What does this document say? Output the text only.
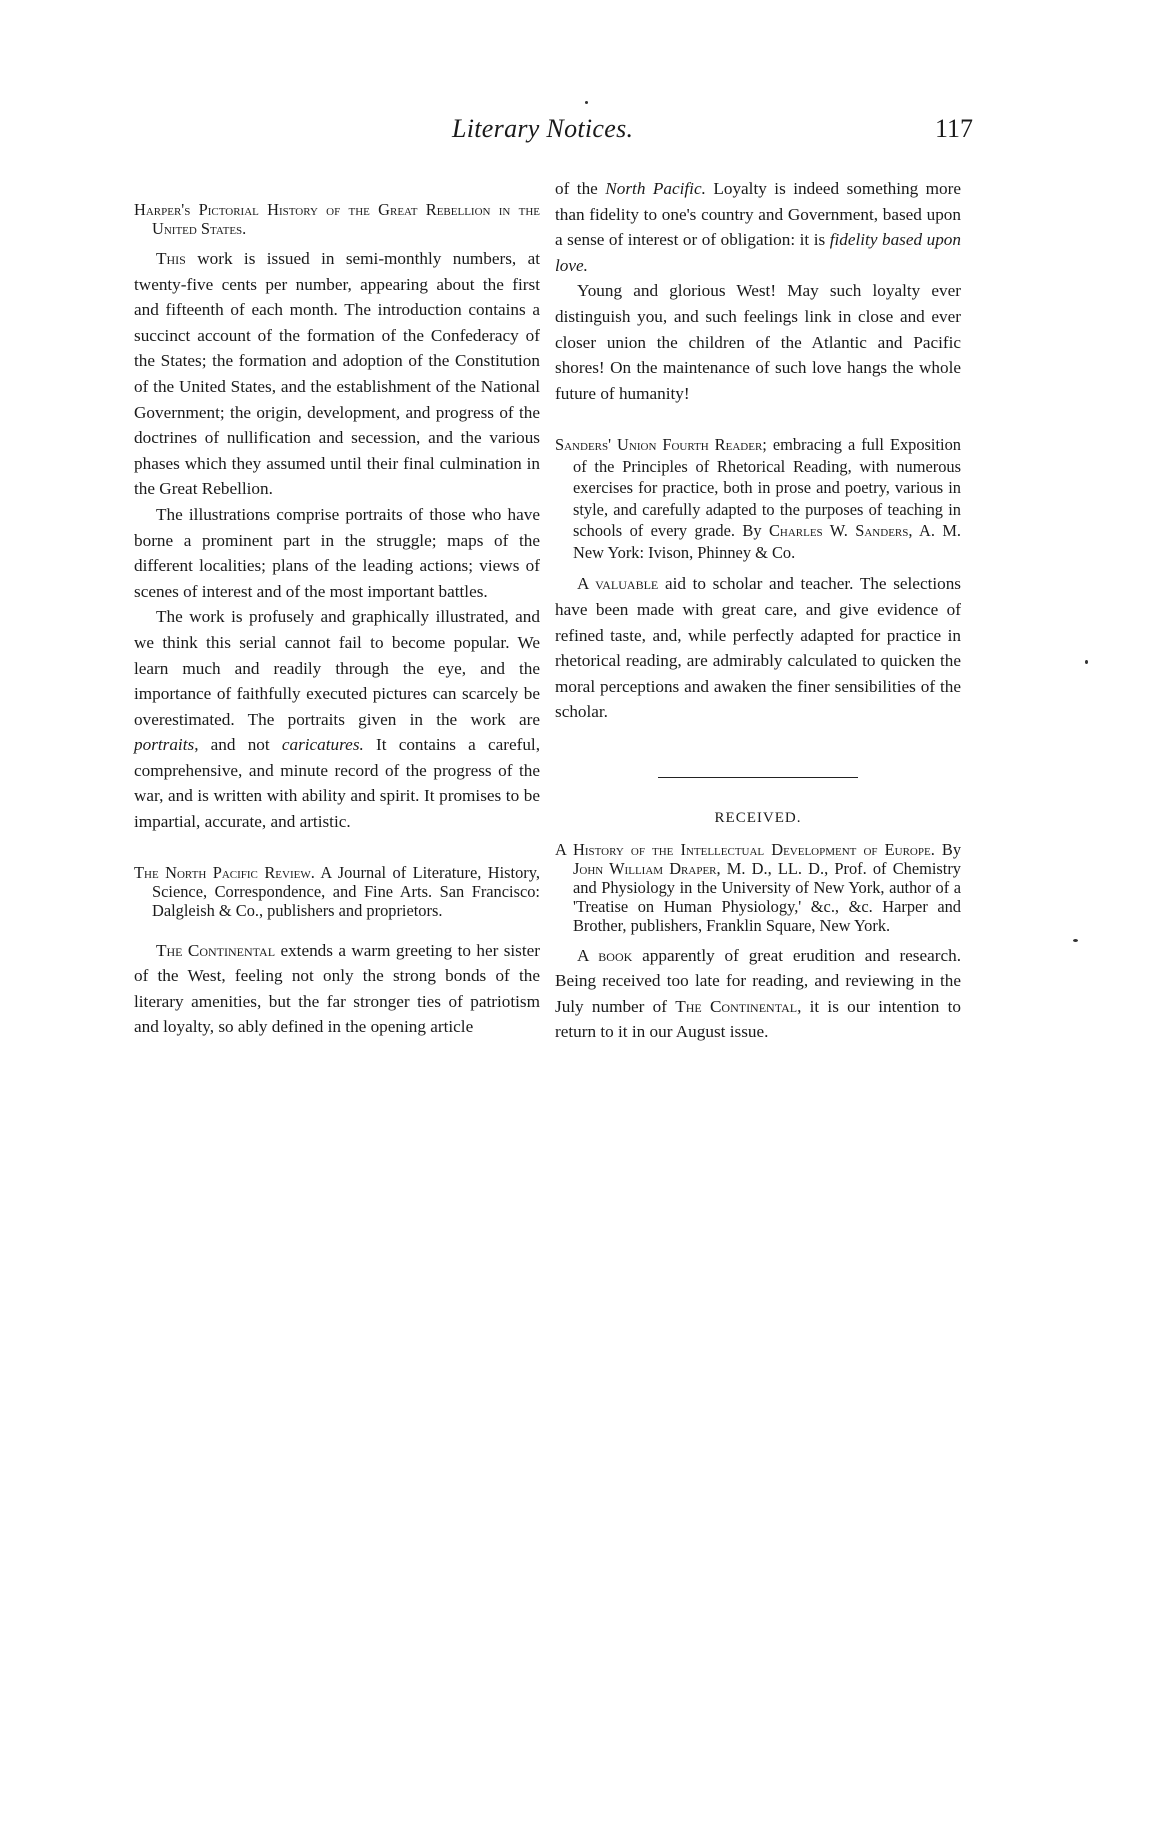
Literary Notices.	117

Harper's Pictorial History of the Great Rebellion in the United States.

This work is issued in semi-monthly numbers, at twenty-five cents per number, appearing about the first and fifteenth of each month. The introduction contains a succinct account of the formation of the Confederacy of the States; the formation and adoption of the Constitution of the United States, and the establishment of the National Government; the origin, development, and progress of the doctrines of nullification and secession, and the various phases which they assumed until their final culmination in the Great Rebellion.

The illustrations comprise portraits of those who have borne a prominent part in the struggle; maps of the different localities; plans of the leading actions; views of scenes of interest and of the most important battles.

The work is profusely and graphically illustrated, and we think this serial cannot fail to become popular. We learn much and readily through the eye, and the importance of faithfully executed pictures can scarcely be overestimated. The portraits given in the work are portraits, and not caricatures. It contains a careful, comprehensive, and minute record of the progress of the war, and is written with ability and spirit. It promises to be impartial, accurate, and artistic.

The North Pacific Review. A Journal of Literature, History, Science, Correspondence, and Fine Arts. San Francisco: Dalgleish & Co., publishers and proprietors.

The Continental extends a warm greeting to her sister of the West, feeling not only the strong bonds of the literary amenities, but the far stronger ties of patriotism and loyalty, so ably defined in the opening article

of the North Pacific. Loyalty is indeed something more than fidelity to one's country and Government, based upon a sense of interest or of obligation: it is fidelity based upon love.

Young and glorious West! May such loyalty ever distinguish you, and such feelings link in close and ever closer union the children of the Atlantic and Pacific shores! On the maintenance of such love hangs the whole future of humanity!

Sanders' Union Fourth Reader; embracing a full Exposition of the Principles of Rhetorical Reading, with numerous exercises for practice, both in prose and poetry, various in style, and carefully adapted to the purposes of teaching in schools of every grade. By Charles W. Sanders, A. M. New York: Ivison, Phinney & Co.

A valuable aid to scholar and teacher. The selections have been made with great care, and give evidence of refined taste, and, while perfectly adapted for practice in rhetorical reading, are admirably calculated to quicken the moral perceptions and awaken the finer sensibilities of the scholar.

RECEIVED.

A History of the Intellectual Development of Europe. By John William Draper, M. D., LL. D., Prof. of Chemistry and Physiology in the University of New York, author of a 'Treatise on Human Physiology,' &c., &c. Harper and Brother, publishers, Franklin Square, New York.

A book apparently of great erudition and research. Being received too late for reading, and reviewing in the July number of The Continental, it is our intention to return to it in our August issue.
